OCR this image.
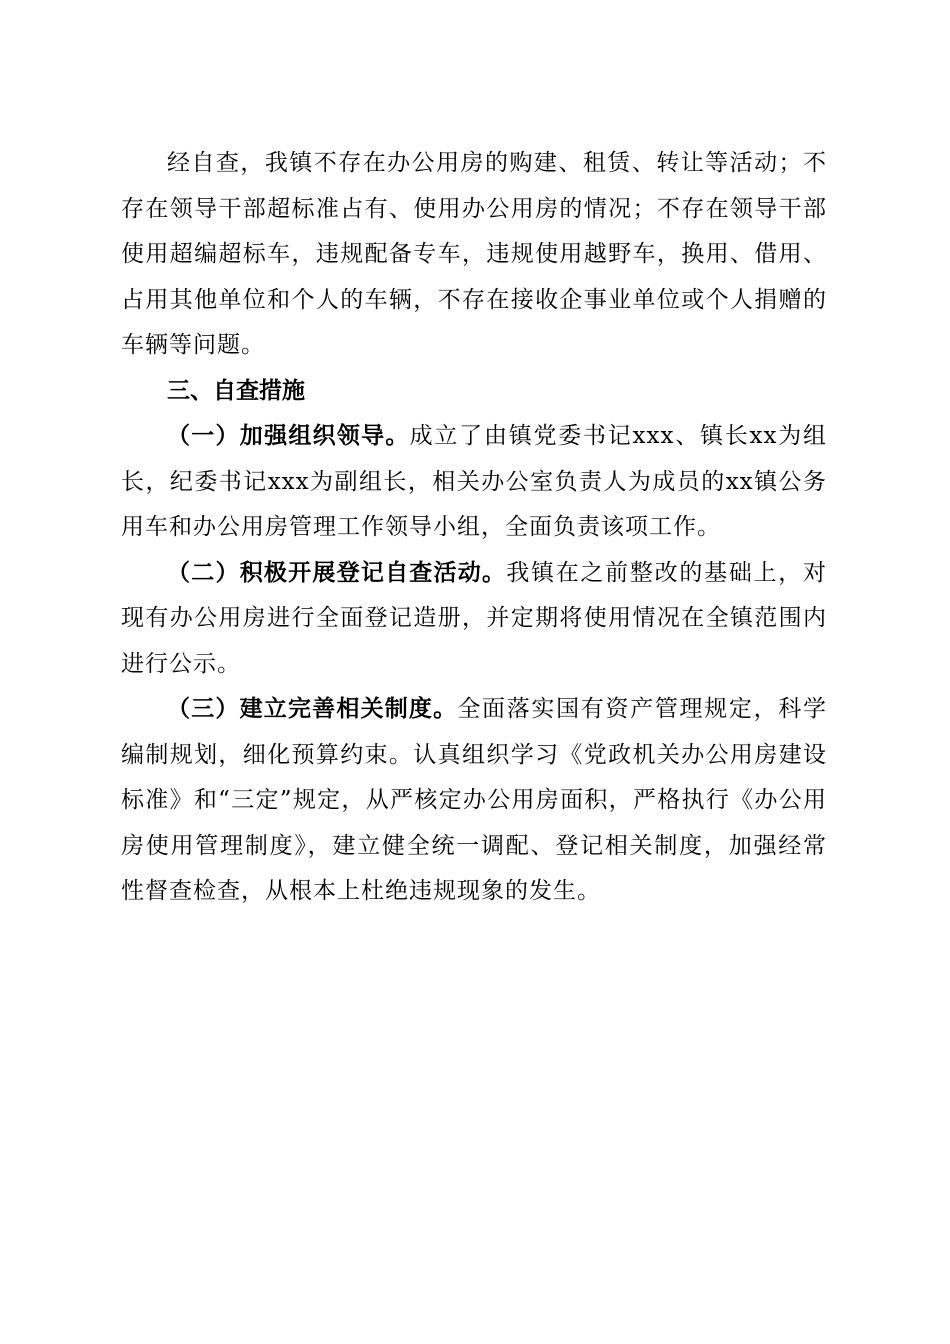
经自查，我镇不存在办公用房的购建、租赁、转让等活动；不存在领导干部超标准占有、使用办公用房的情况；不存在领导干部使用超编超标车，违规配备专车，违规使用越野车，换用、借用、占用其他单位和个人的车辆，不存在接收企事业单位或个人捐赠的车辆等问题。

三、自查措施

（一）加强组织领导。成立了由镇党委书记xxx、镇长xx为组长，纪委书记xxx为副组长，相关办公室负责人为成员的xx镇公务用车和办公用房管理工作领导小组，全面负责该项工作。

（二）积极开展登记自查活动。我镇在之前整改的基础上，对现有办公用房进行全面登记造册，并定期将使用情况在全镇范围内进行公示。

（三）建立完善相关制度。全面落实国有资产管理规定，科学编制规划，细化预算约束。认真组织学习《党政机关办公用房建设标准》和“三定”规定，从严核定办公用房面积，严格执行《办公用房使用管理制度》，建立健全统一调配、登记相关制度，加强经常性督查检查，从根本上杜绝违规现象的发生。
